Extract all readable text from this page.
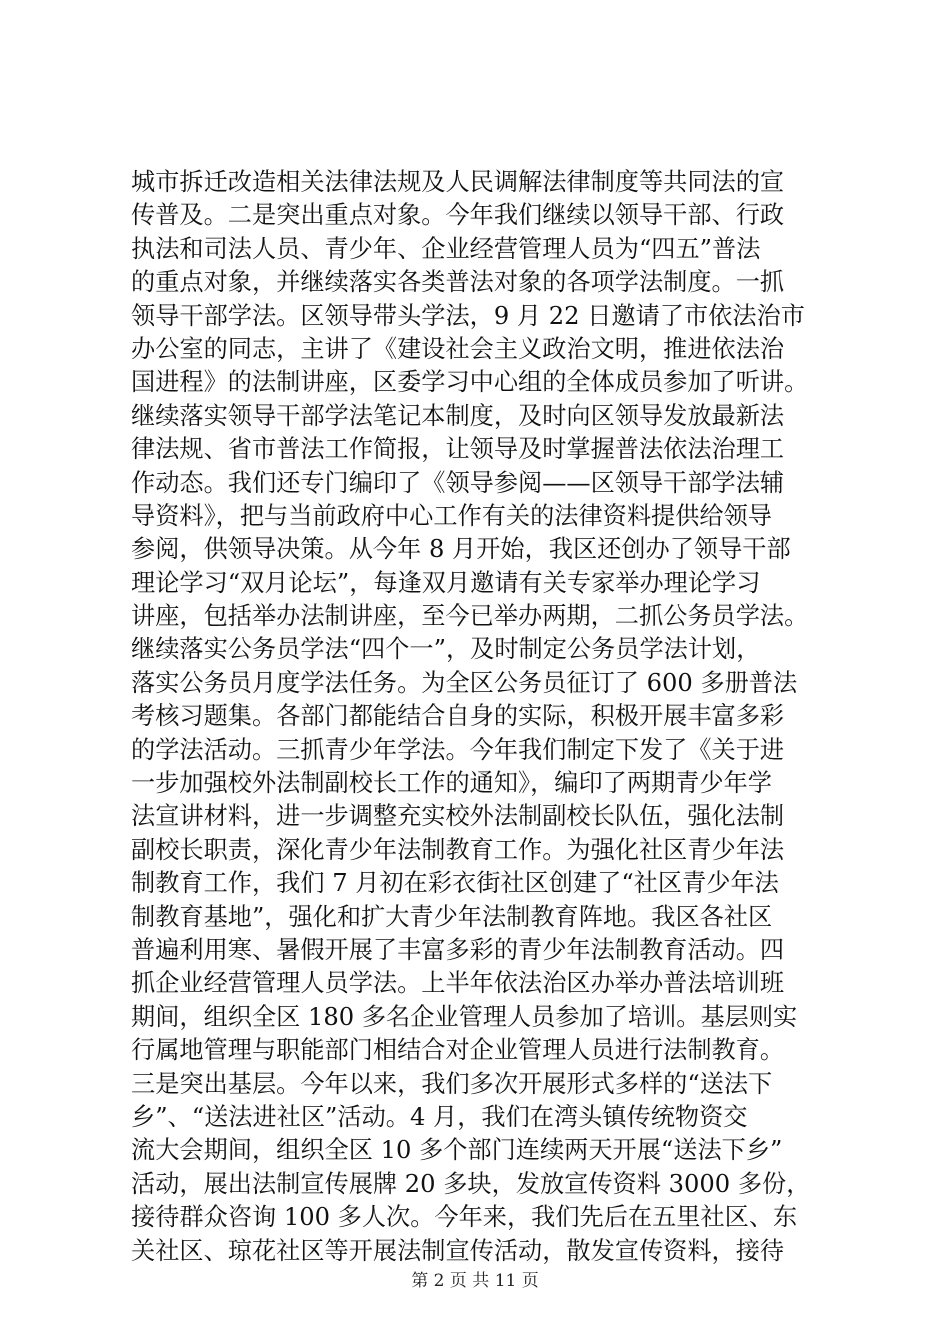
城市拆迁改造相关法律法规及人民调解法律制度等共同法的宣
传普及。二是突出重点对象。今年我们继续以领导干部、行政
执法和司法人员、青少年、企业经营管理人员为“四五”普法
的重点对象，并继续落实各类普法对象的各项学法制度。一抓
领导干部学法。区领导带头学法，9 月 22 日邀请了市依法治市
办公室的同志，主讲了《建设社会主义政治文明，推进依法治
国进程》的法制讲座，区委学习中心组的全体成员参加了听讲。
继续落实领导干部学法笔记本制度，及时向区领导发放最新法
律法规、省市普法工作简报，让领导及时掌握普法依法治理工
作动态。我们还专门编印了《领导参阅——区领导干部学法辅
导资料》，把与当前政府中心工作有关的法律资料提供给领导
参阅，供领导决策。从今年 8 月开始，我区还创办了领导干部
理论学习“双月论坛”，每逢双月邀请有关专家举办理论学习
讲座，包括举办法制讲座，至今已举办两期，二抓公务员学法。
继续落实公务员学法“四个一”，及时制定公务员学法计划，
落实公务员月度学法任务。为全区公务员征订了 600 多册普法
考核习题集。各部门都能结合自身的实际，积极开展丰富多彩
的学法活动。三抓青少年学法。今年我们制定下发了《关于进
一步加强校外法制副校长工作的通知》，编印了两期青少年学
法宣讲材料，进一步调整充实校外法制副校长队伍，强化法制
副校长职责，深化青少年法制教育工作。为强化社区青少年法
制教育工作，我们 7 月初在彩衣街社区创建了“社区青少年法
制教育基地”，强化和扩大青少年法制教育阵地。我区各社区
普遍利用寒、暑假开展了丰富多彩的青少年法制教育活动。四
抓企业经营管理人员学法。上半年依法治区办举办普法培训班
期间，组织全区 180 多名企业管理人员参加了培训。基层则实
行属地管理与职能部门相结合对企业管理人员进行法制教育。
三是突出基层。今年以来，我们多次开展形式多样的“送法下
乡”、“送法进社区”活动。4 月，我们在湾头镇传统物资交
流大会期间，组织全区 10 多个部门连续两天开展“送法下乡”
活动，展出法制宣传展牌 20 多块，发放宣传资料 3000 多份，
接待群众咨询 100 多人次。今年来，我们先后在五里社区、东
关社区、琼花社区等开展法制宣传活动，散发宣传资料，接待
第 2 页 共 11 页
